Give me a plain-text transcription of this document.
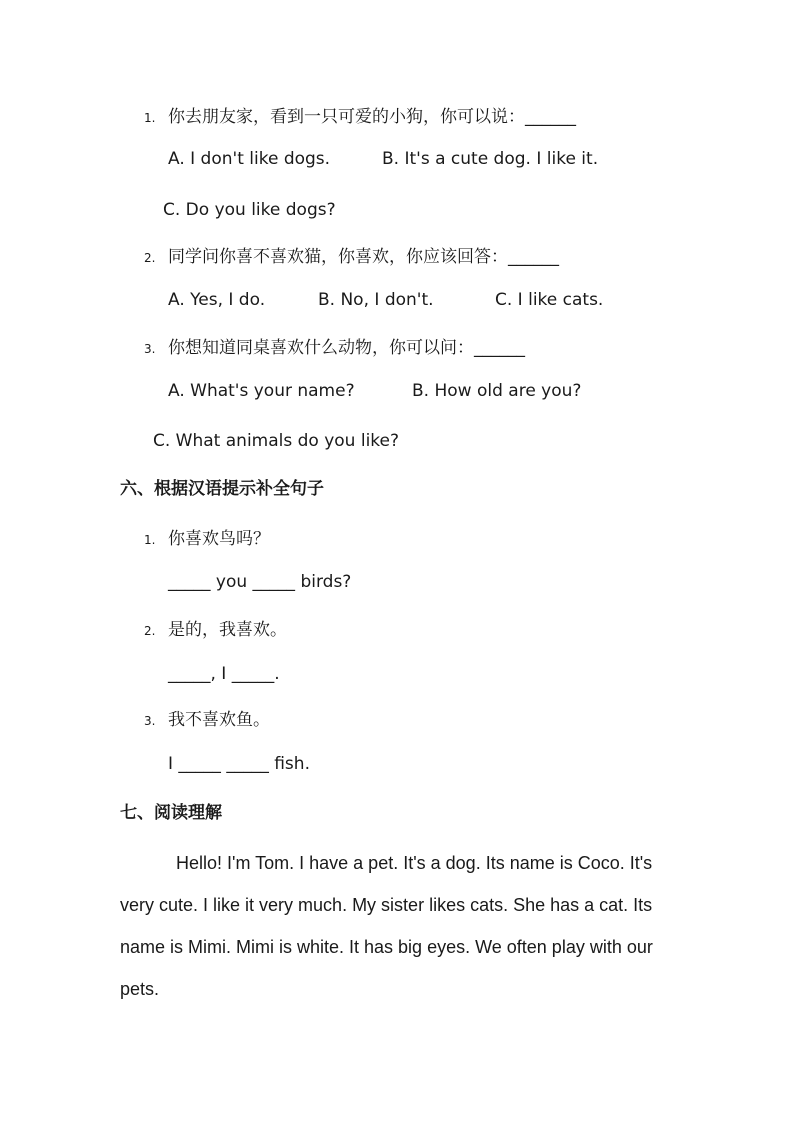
1. 你去朋友家，看到一只可爱的小狗，你可以说：______
A. I don't like dogs.	B. It's a cute dog. I like it.
C. Do you like dogs?
2. 同学问你喜不喜欢猫，你喜欢，你应该回答：______
A. Yes, I do.	B. No, I don't.	C. I like cats.
3. 你想知道同桌喜欢什么动物，你可以问：______
A. What's your name?	B. How old are you?
C. What animals do you like?
六、根据汉语提示补全句子
1. 你喜欢鸟吗？
_____ you _____ birds?
2. 是的，我喜欢。
_____, I _____.
3. 我不喜欢鱼。
I _____ _____ fish.
七、阅读理解
Hello! I'm Tom. I have a pet. It's a dog. Its name is Coco. It's
very cute. I like it very much. My sister likes cats. She has a cat. Its
name is Mimi. Mimi is white. It has big eyes. We often play with our
pets.
